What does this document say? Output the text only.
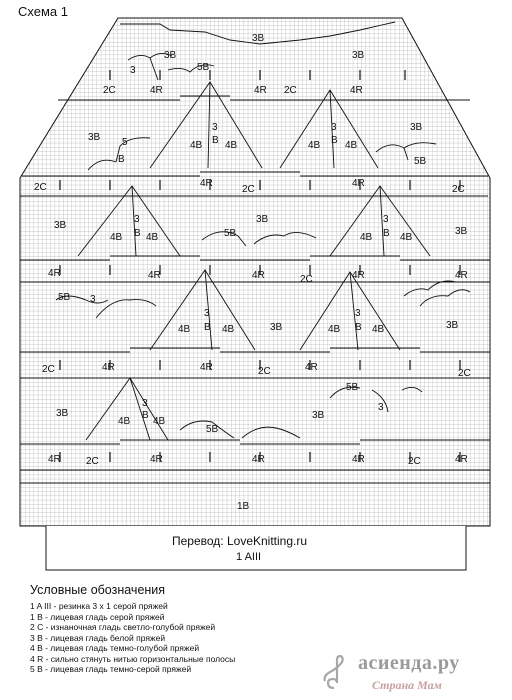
Схема 1
3B
3B
5B
3
4R
2C	2C
4R	4R
3B
3B
3
B
4B 4B
3
B
4B 4B
3B
5
B	5B
2C	4R
2C
4R
2C
3B
3
B
4B 4B	5B
3B	3
B
4B	4B
3B
4R	4R	4R	2C	4R	4R
5B 3
3
B
4B	4B	3B
3
B
4B	4B	3B
2C	4R	4R	2C	4R
2C
3B
3
B
4B 4B
5B
3B
3
5B
4R	2C	4R	4R	4R	2C	4R
1B
Перевод: LoveKnitting.ru
1 AIII
Условные обозначения
1 A III - резинка 3 х 1 серой пряжей
1 B - лицевая гладь серой пряжей
2 C - изнаночная гладь светло-голубой пряжей
3 B - лицевая гладь белой пряжей
4 B - лицевая гладь темно-голубой пряжей
4 R - сильно стянуть нитью горизонтальные полосы
5 B - лицевая гладь темно-серой пряжей	асиенда.ру
Страна Мам
